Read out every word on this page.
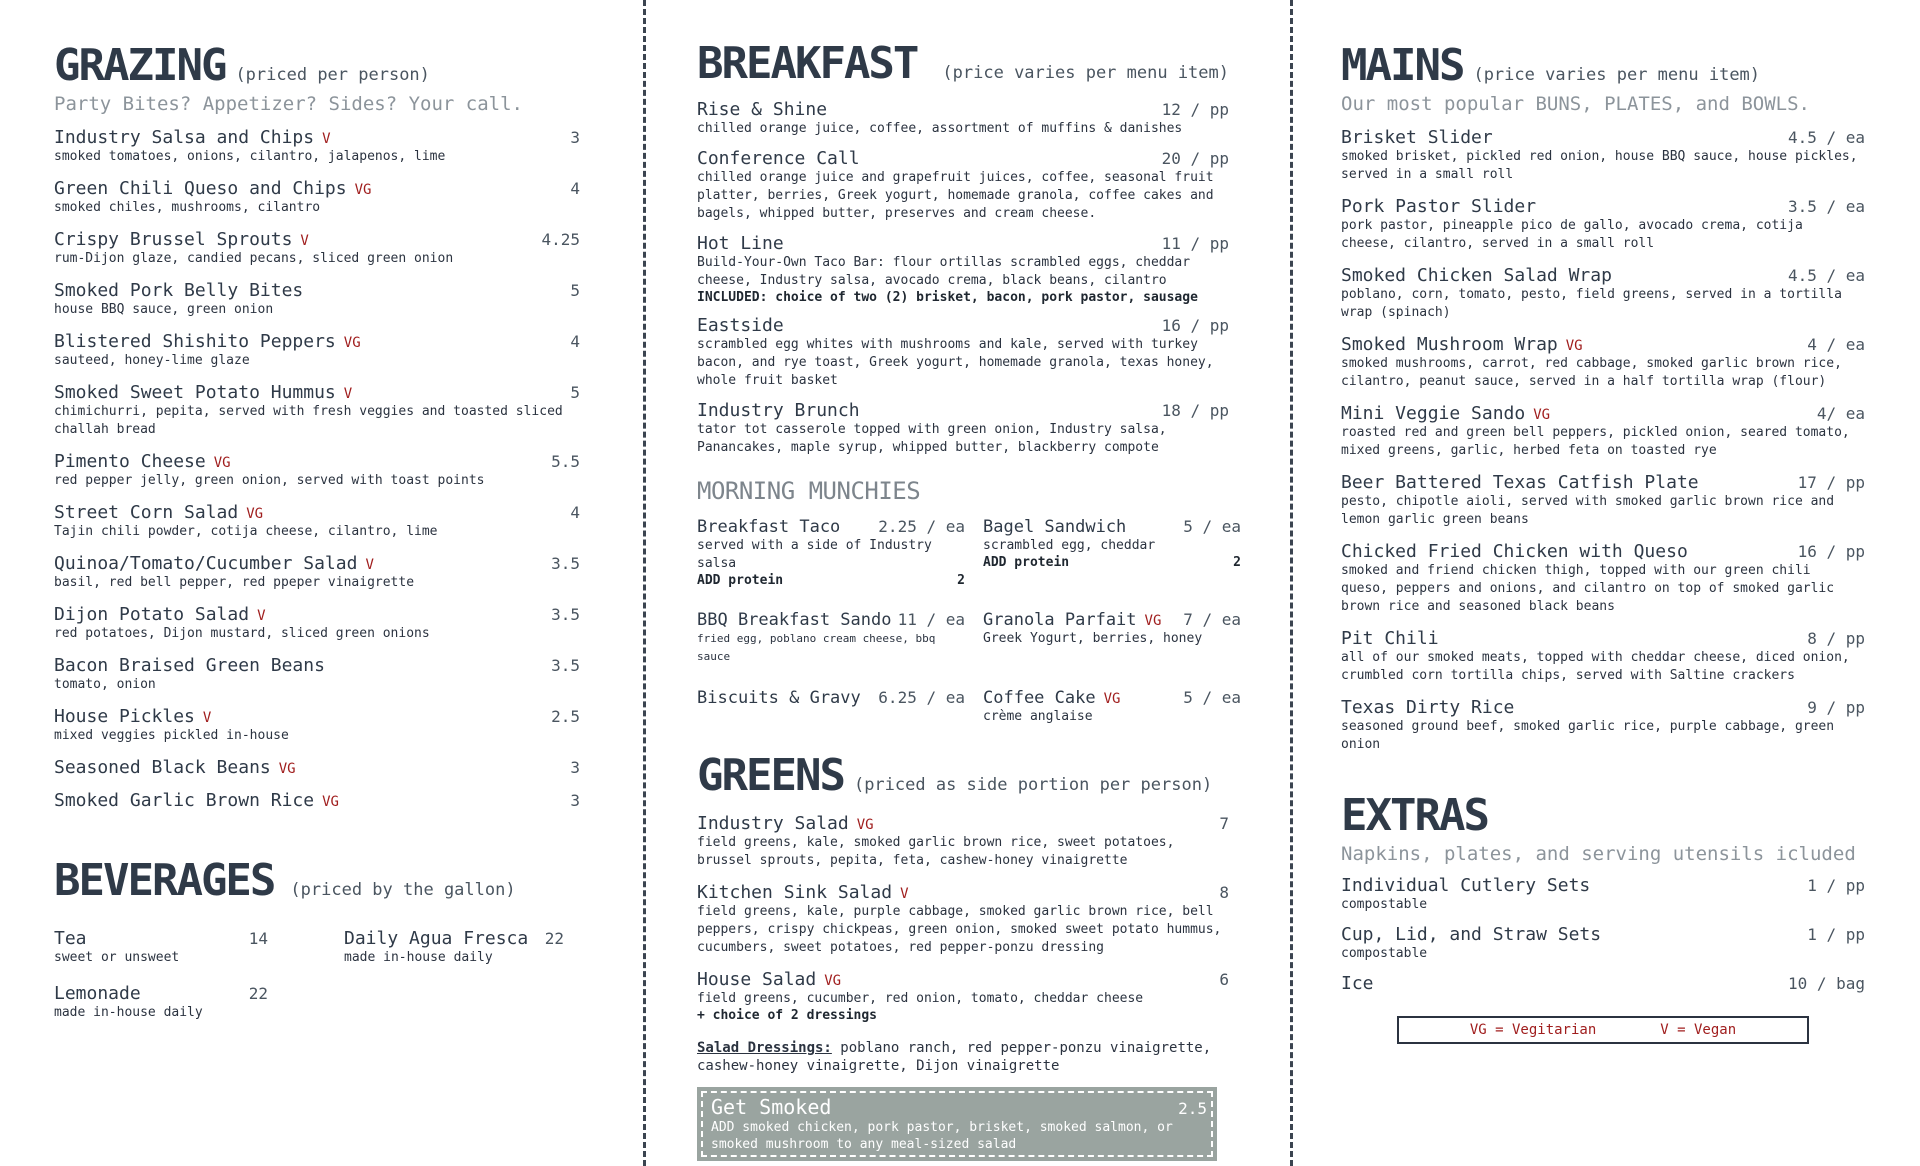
GRAZING (priced per person)
Party Bites? Appetizer? Sides? Your call.
Industry Salsa and Chips V	3
smoked tomatoes, onions, cilantro, jalapenos, lime
Green Chili Queso and Chips VG	4
smoked chiles, mushrooms, cilantro
Crispy Brussel Sprouts V	4.25
rum-Dijon glaze, candied pecans, sliced green onion
Smoked Pork Belly Bites	5
house BBQ sauce, green onion
Blistered Shishito Peppers VG	4
sauteed, honey-lime glaze
Smoked Sweet Potato Hummus V	5
chimichurri, pepita, served with fresh veggies and toasted sliced challah bread
Pimento Cheese VG	5.5
red pepper jelly, green onion, served with toast points
Street Corn Salad VG	4
Tajin chili powder, cotija cheese, cilantro, lime
Quinoa/Tomato/Cucumber Salad V	3.5
basil, red bell pepper, red ppeper vinaigrette
Dijon Potato Salad V	3.5
red potatoes, Dijon mustard, sliced green onions
Bacon Braised Green Beans	3.5
tomato, onion
House Pickles V	2.5
mixed veggies pickled in-house
Seasoned Black Beans VG	3
Smoked Garlic Brown Rice VG	3
BEVERAGES (priced by the gallon)
Tea	14
sweet or unsweet
Daily Agua Fresca 22
made in-house daily
Lemonade	22
made in-house daily
BREAKFAST (price varies per menu item)
Rise & Shine	12 / pp
chilled orange juice, coffee, assortment of muffins & danishes
Conference Call	20 / pp
chilled orange juice and grapefruit juices, coffee, seasonal fruit platter, berries, Greek yogurt, homemade granola, coffee cakes and bagels, whipped butter, preserves and cream cheese.
Hot Line	11 / pp
Build-Your-Own Taco Bar: flour ortillas scrambled eggs, cheddar cheese, Industry salsa, avocado crema, black beans, cilantro
INCLUDED: choice of two (2) brisket, bacon, pork pastor, sausage
Eastside	16 / pp
scrambled egg whites with mushrooms and kale, served with turkey bacon, and rye toast, Greek yogurt, homemade granola, texas honey, whole fruit basket
Industry Brunch	18 / pp
tator tot casserole topped with green onion, Industry salsa, Panancakes, maple syrup, whipped butter, blackberry compote
MORNING MUNCHIES
Breakfast Taco 2.25 / ea
served with a side of Industry salsa
ADD protein	2
Bagel Sandwich	5 / ea
scrambled egg, cheddar
ADD protein	2
BBQ Breakfast Sando 11 / ea
fried egg, poblano cream cheese, bbq sauce
Granola Parfait VG 7 / ea
Greek Yogurt, berries, honey
Biscuits & Gravy 6.25 / ea Coffee Cake VG	5 / ea
crème anglaise
GREENS (priced as side portion per person)
Industry Salad VG	7
field greens, kale, smoked garlic brown rice, sweet potatoes, brussel sprouts, pepita, feta, cashew-honey vinaigrette
Kitchen Sink Salad V	8
field greens, kale, purple cabbage, smoked garlic brown rice, bell peppers, crispy chickpeas, green onion, smoked sweet potato hummus, cucumbers, sweet potatoes, red pepper-ponzu dressing
House Salad VG	6
field greens, cucumber, red onion, tomato, cheddar cheese
+ choice of 2 dressings
Salad Dressings: poblano ranch, red pepper-ponzu vinaigrette, cashew-honey vinaigrette, Dijon vinaigrette
Get Smoked	2.5
ADD smoked chicken, pork pastor, brisket, smoked salmon, or smoked mushroom to any meal-sized salad
MAINS (price varies per menu item)
Our most popular BUNS, PLATES, and BOWLS.
Brisket Slider	4.5 / ea
smoked brisket, pickled red onion, house BBQ sauce, house pickles, served in a small roll
Pork Pastor Slider	3.5 / ea
pork pastor, pineapple pico de gallo, avocado crema, cotija cheese, cilantro, served in a small roll
Smoked Chicken Salad Wrap	4.5 / ea
poblano, corn, tomato, pesto, field greens, served in a tortilla wrap (spinach)
Smoked Mushroom Wrap VG	4 / ea
smoked mushrooms, carrot, red cabbage, smoked garlic brown rice, cilantro, peanut sauce, served in a half tortilla wrap (flour)
Mini Veggie Sando VG	4/ ea
roasted red and green bell peppers, pickled onion, seared tomato, mixed greens, garlic, herbed feta on toasted rye
Beer Battered Texas Catfish Plate	17 / pp
pesto, chipotle aioli, served with smoked garlic brown rice and lemon garlic green beans
Chicked Fried Chicken with Queso	16 / pp
smoked and friend chicken thigh, topped with our green chili queso, peppers and onions, and cilantro on top of smoked garlic brown rice and seasoned black beans
Pit Chili	8 / pp
all of our smoked meats, topped with cheddar cheese, diced onion, crumbled corn tortilla chips, served with Saltine crackers
Texas Dirty Rice	9 / pp
seasoned ground beef, smoked garlic rice, purple cabbage, green onion
EXTRAS
Napkins, plates, and serving utensils icluded
Individual Cutlery Sets	1 / pp
compostable
Cup, Lid, and Straw Sets	1 / pp
compostable
Ice	10 / bag
VG = Vegitarian	V = Vegan
